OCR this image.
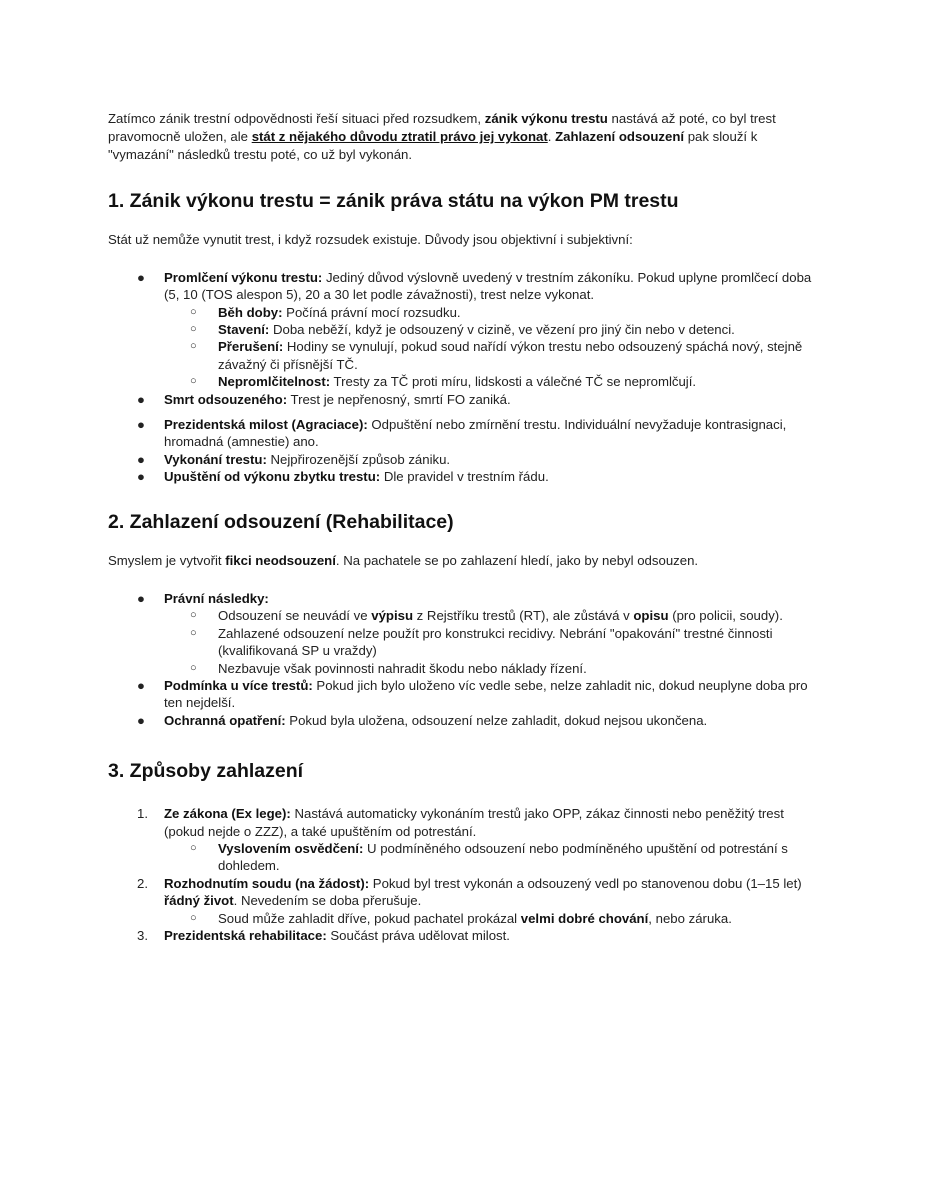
Zatímco zánik trestní odpovědnosti řeší situaci před rozsudkem, zánik výkonu trestu nastává až poté, co byl trest pravomocně uložen, ale stát z nějakého důvodu ztratil právo jej vykonat. Zahlazení odsouzení pak slouží k "vymazání" následků trestu poté, co už byl vykonán.

1. Zánik výkonu trestu = zánik práva státu na výkon PM trestu

Stát už nemůže vynutit trest, i když rozsudek existuje. Důvody jsou objektivní i subjektivní:

● Promlčení výkonu trestu: Jediný důvod výslovně uvedený v trestním zákoníku. Pokud uplyne promlčecí doba (5, 10 (TOS alespon 5), 20 a 30 let podle závažnosti), trest nelze vykonat.
○ Běh doby: Počíná právní mocí rozsudku.
○ Stavení: Doba neběží, když je odsouzený v cizině, ve vězení pro jiný čin nebo v detenci.
○ Přerušení: Hodiny se vynulují, pokud soud nařídí výkon trestu nebo odsouzený spáchá nový, stejně závažný či přísnější TČ.
○ Nepromlčitelnost: Tresty za TČ proti míru, lidskosti a válečné TČ se nepromlčují.
● Smrt odsouzeného: Trest je nepřenosný, smrtí FO zaniká.
● Prezidentská milost (Agraciace): Odpuštění nebo zmírnění trestu. Individuální nevyžaduje kontrasignaci, hromadná (amnestie) ano.
● Vykonání trestu: Nejpřirozenější způsob zániku.
● Upuštění od výkonu zbytku trestu: Dle pravidel v trestním řádu.
2. Zahlazení odsouzení (Rehabilitace)

Smyslem je vytvořit fikci neodsouzení. Na pachatele se po zahlazení hledí, jako by nebyl odsouzen.

● Právní následky:
○ Odsouzení se neuvádí ve výpisu z Rejstříku trestů (RT), ale zůstává v opisu (pro policii, soudy).
○ Zahlazené odsouzení nelze použít pro konstrukci recidivy. Nebrání "opakování" trestné činnosti (kvalifikovaná SP u vraždy)
○ Nezbavuje však povinnosti nahradit škodu nebo náklady řízení.
● Podmínka u více trestů: Pokud jich bylo uloženo víc vedle sebe, nelze zahladit nic, dokud neuplyne doba pro ten nejdelší.
● Ochranná opatření: Pokud byla uložena, odsouzení nelze zahladit, dokud nejsou ukončena.
3. Způsoby zahlazení
1. Ze zákona (Ex lege): Nastává automaticky vykonáním trestů jako OPP, zákaz činnosti nebo peněžitý trest (pokud nejde o ZZZ), a také upuštěním od potrestání.
○ Vyslovením osvědčení: U podmíněného odsouzení nebo podmíněného upuštění od potrestání s dohledem.
2. Rozhodnutím soudu (na žádost): Pokud byl trest vykonán a odsouzený vedl po stanovenou dobu (1–15 let) řádný život. Nevedením se doba přerušuje.
○ Soud může zahladit dříve, pokud pachatel prokázal velmi dobré chování, nebo záruka.
3. Prezidentská rehabilitace: Součást práva udělovat milost.
